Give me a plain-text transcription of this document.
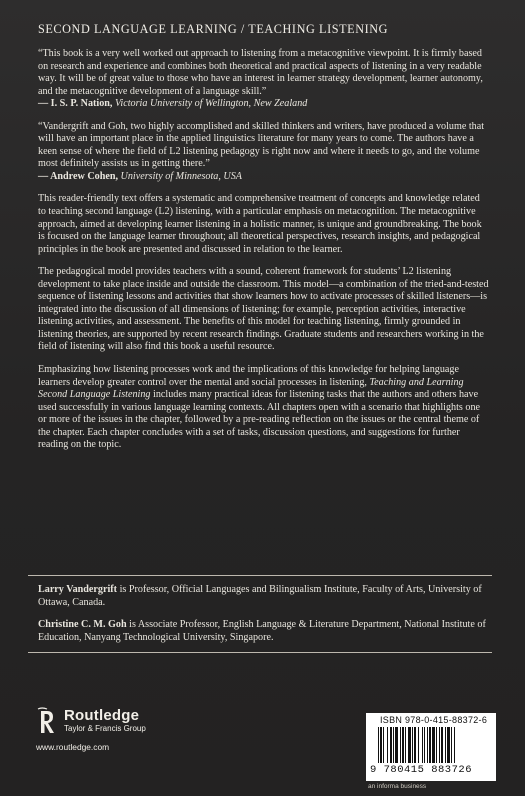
SECOND LANGUAGE LEARNING / TEACHING LISTENING

“This book is a very well worked out approach to listening from a metacognitive viewpoint. It is firmly based on research and experience and combines both theoretical and practical aspects of listening in a very readable way. It will be of great value to those who have an interest in learner strategy development, learner autonomy, and the metacognitive development of a language skill.”
— I. S. P. Nation, Victoria University of Wellington, New Zealand

“Vandergrift and Goh, two highly accomplished and skilled thinkers and writers, have produced a volume that will have an important place in the applied linguistics literature for many years to come. The authors have a keen sense of where the field of L2 listening pedagogy is right now and where it needs to go, and the volume most definitely assists us in getting there.”
— Andrew Cohen, University of Minnesota, USA

This reader-friendly text offers a systematic and comprehensive treatment of concepts and knowledge related to teaching second language (L2) listening, with a particular emphasis on metacognition. The metacognitive approach, aimed at developing learner listening in a holistic manner, is unique and groundbreaking. The book is focused on the language learner throughout; all theoretical perspectives, research insights, and pedagogical principles in the book are presented and discussed in relation to the learner.

The pedagogical model provides teachers with a sound, coherent framework for students’ L2 listening development to take place inside and outside the classroom. This model—a combination of the tried-and-tested sequence of listening lessons and activities that show learners how to activate processes of skilled listeners—is integrated into the discussion of all dimensions of listening; for example, perception activities, interactive listening activities, and assessment. The benefits of this model for teaching listening, firmly grounded in listening theories, are supported by recent research findings. Graduate students and researchers working in the field of listening will also find this book a useful resource.

Emphasizing how listening processes work and the implications of this knowledge for helping language learners develop greater control over the mental and social processes in listening, Teaching and Learning Second Language Listening includes many practical ideas for listening tasks that the authors and others have used successfully in various language learning contexts. All chapters open with a scenario that highlights one or more of the issues in the chapter, followed by a pre-reading reflection on the issues or the central theme of the chapter. Each chapter concludes with a set of tasks, discussion questions, and suggestions for further reading on the topic.

Larry Vandergrift is Professor, Official Languages and Bilingualism Institute, Faculty of Arts, University of Ottawa, Canada.

Christine C. M. Goh is Associate Professor, English Language & Literature Department, National Institute of Education, Nanyang Technological University, Singapore.

Routledge
Taylor & Francis Group
www.routledge.com
ISBN 978-0-415-88372-6
9 780415 883726
an informa business
